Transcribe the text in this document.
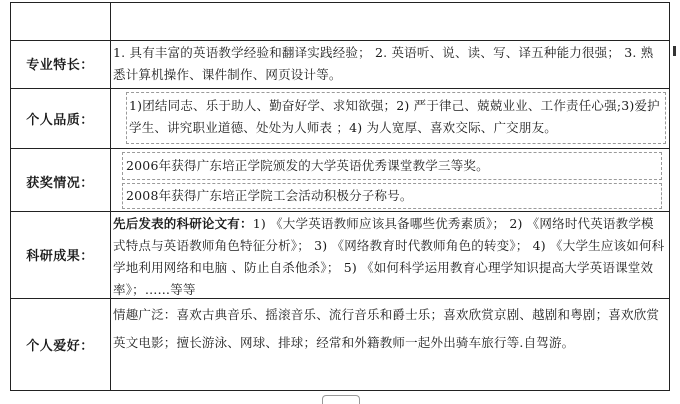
专业特长：
1. 具有丰富的英语教学经验和翻译实践经验； 2. 英语听、说、读、写、译五种能力很强； 3. 熟悉计算机操作、课件制作、网页设计等。
个人品质：
1)团结同志、乐于助人、勤奋好学、求知欲强；2) 严于律己、兢兢业业、工作责任心强;3)爱护学生、讲究职业道德、处处为人师表 ；4) 为人宽厚、喜欢交际、广交朋友。
获奖情况：
2006年获得广东培正学院颁发的大学英语优秀课堂教学三等奖。
2008年获得广东培正学院工会活动积极分子称号。
科研成果：
先后发表的科研论文有：1) 《大学英语教师应该具备哪些优秀素质》； 2) 《网络时代英语教学模式特点与英语教师角色特征分析》； 3) 《网络教育时代教师角色的转变》； 4) 《大学生应该如何科学地利用网络和电脑 、防止自杀他杀》； 5) 《如何科学运用教育心理学知识提高大学英语课堂效率》；……等等
个人爱好：
情趣广泛：喜欢古典音乐、摇滚音乐、流行音乐和爵士乐；喜欢欣赏京剧、越剧和粤剧；喜欢欣赏英文电影；擅长游泳、网球、排球；经常和外籍教师一起外出骑车旅行等.自驾游。
